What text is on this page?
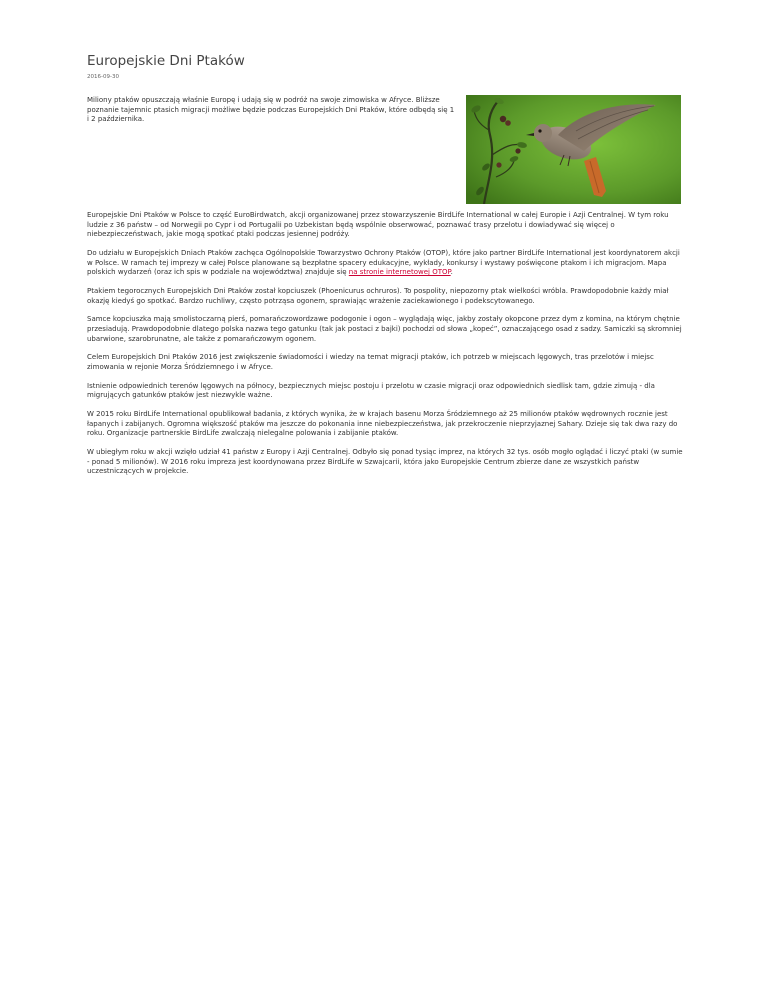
Europejskie Dni Ptaków
2016-09-30

Miliony ptaków opuszczają właśnie Europę i udają się w podróż na swoje zimowiska w Afryce. Bliższe poznanie tajemnic ptasich migracji możliwe będzie podczas Europejskich Dni Ptaków, które odbędą się 1 i 2 października.

Europejskie Dni Ptaków w Polsce to część EuroBirdwatch, akcji organizowanej przez stowarzyszenie BirdLife International w całej Europie i Azji Centralnej. W tym roku ludzie z 36 państw – od Norwegii po Cypr i od Portugalii po Uzbekistan będą wspólnie obserwować, poznawać trasy przelotu i dowiadywać się więcej o niebezpieczeństwach, jakie mogą spotkać ptaki podczas jesiennej podróży.

Do udziału w Europejskich Dniach Ptaków zachęca Ogólnopolskie Towarzystwo Ochrony Ptaków (OTOP), które jako partner BirdLife International jest koordynatorem akcji w Polsce. W ramach tej imprezy w całej Polsce planowane są bezpłatne spacery edukacyjne, wykłady, konkursy i wystawy poświęcone ptakom i ich migracjom. Mapa polskich wydarzeń (oraz ich spis w podziale na województwa) znajduje się na stronie internetowej OTOP.

Ptakiem tegorocznych Europejskich Dni Ptaków został kopciuszek (Phoenicurus ochruros). To pospolity, niepozorny ptak wielkości wróbla. Prawdopodobnie każdy miał okazję kiedyś go spotkać. Bardzo ruchliwy, często potrząsa ogonem, sprawiając wrażenie zaciekawionego i podekscytowanego.

Samce kopciuszka mają smolistoczarną pierś, pomarańczowordzawe podogonie i ogon – wyglądają więc, jakby zostały okopcone przez dym z komina, na którym chętnie przesiadują. Prawdopodobnie dlatego polska nazwa tego gatunku (tak jak postaci z bajki) pochodzi od słowa „kopeć”, oznaczającego osad z sadzy. Samiczki są skromniej ubarwione, szarobrunatne, ale także z pomarańczowym ogonem.

Celem Europejskich Dni Ptaków 2016 jest zwiększenie świadomości i wiedzy na temat migracji ptaków, ich potrzeb w miejscach lęgowych, tras przelotów i miejsc zimowania w rejonie Morza Śródziemnego i w Afryce.

Istnienie odpowiednich terenów lęgowych na północy, bezpiecznych miejsc postoju i przelotu w czasie migracji oraz odpowiednich siedlisk tam, gdzie zimują - dla migrujących gatunków ptaków jest niezwykle ważne.

W 2015 roku BirdLife International opublikował badania, z których wynika, że w krajach basenu Morza Śródziemnego aż 25 milionów ptaków wędrownych rocznie jest łapanych i zabijanych. Ogromna większość ptaków ma jeszcze do pokonania inne niebezpieczeństwa, jak przekroczenie nieprzyjaznej Sahary. Dzieje się tak dwa razy do roku. Organizacje partnerskie BirdLife zwalczają nielegalne polowania i zabijanie ptaków.

W ubiegłym roku w akcji wzięło udział 41 państw z Europy i Azji Centralnej. Odbyło się ponad tysiąc imprez, na których 32 tys. osób mogło oglądać i liczyć ptaki (w sumie - ponad 5 milionów). W 2016 roku impreza jest koordynowana przez BirdLife w Szwajcarii, która jako Europejskie Centrum zbierze dane ze wszystkich państw uczestniczących w projekcie.
